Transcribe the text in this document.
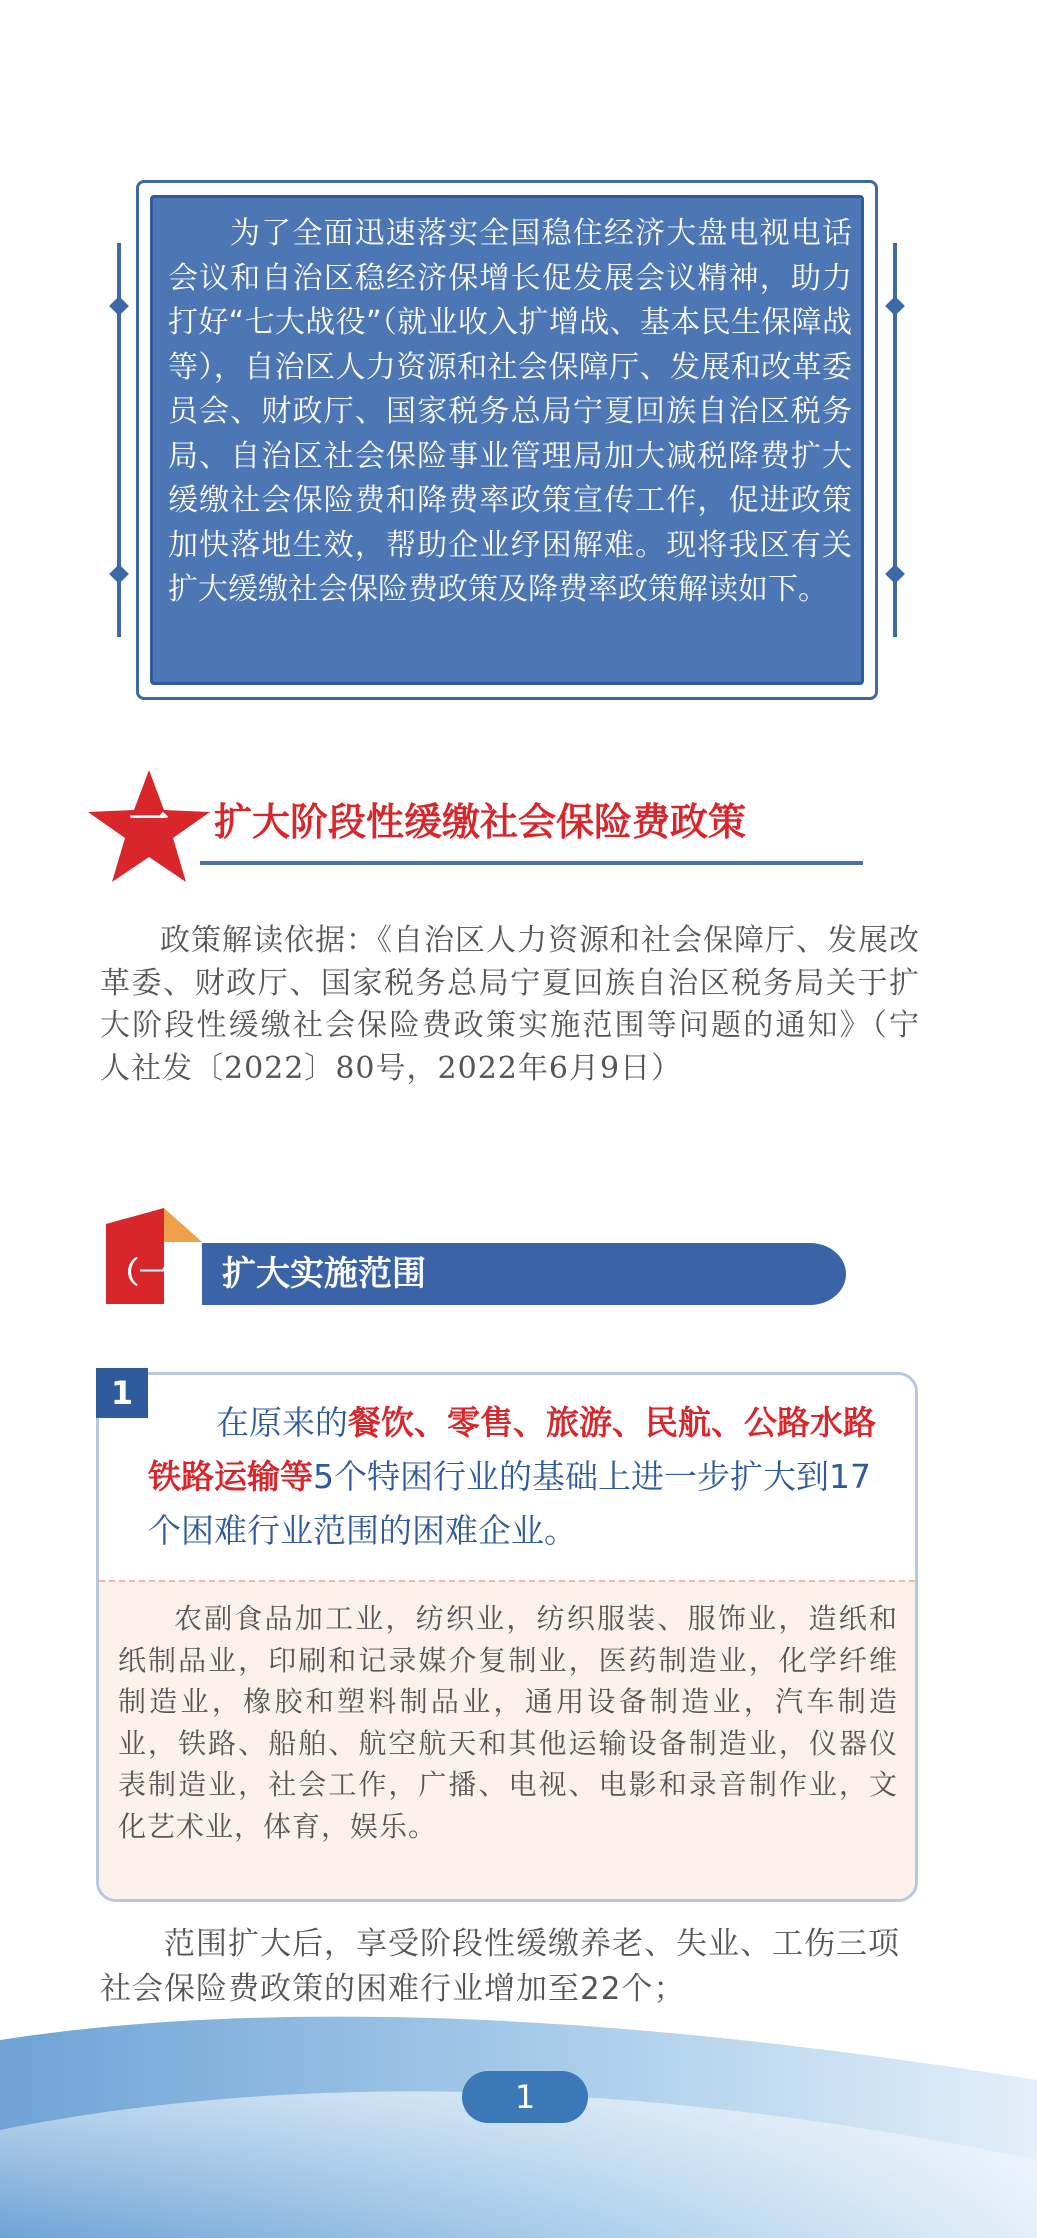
为了全面迅速落实全国稳住经济大盘电视电话会议和自治区稳经济保增长促发展会议精神，助力打好“七大战役”（就业收入扩增战、基本民生保障战等），自治区人力资源和社会保障厅、发展和改革委员会、财政厅、国家税务总局宁夏回族自治区税务局、自治区社会保险事业管理局加大减税降费扩大缓缴社会保险费和降费率政策宣传工作，促进政策加快落地生效，帮助企业纾困解难。现将我区有关扩大缓缴社会保险费政策及降费率政策解读如下。

一	扩大阶段性缓缴社会保险费政策

政策解读依据：《自治区人力资源和社会保障厅、发展改革委、财政厅、国家税务总局宁夏回族自治区税务局关于扩大阶段性缓缴社会保险费政策实施范围等问题的通知》（宁人社发〔2022〕80号，2022年6月9日）

（一） 扩大实施范围
1

在原来的餐饮、零售、旅游、民航、公路水路铁路运输等5个特困行业的基础上进一步扩大到17个困难行业范围的困难企业。

农副食品加工业，纺织业，纺织服装、服饰业，造纸和纸制品业，印刷和记录媒介复制业，医药制造业，化学纤维制造业，橡胶和塑料制品业，通用设备制造业，汽车制造业，铁路、船舶、航空航天和其他运输设备制造业，仪器仪表制造业，社会工作，广播、电视、电影和录音制作业，文化艺术业，体育，娱乐。

范围扩大后，享受阶段性缓缴养老、失业、工伤三项社会保险费政策的困难行业增加至22个；

1
